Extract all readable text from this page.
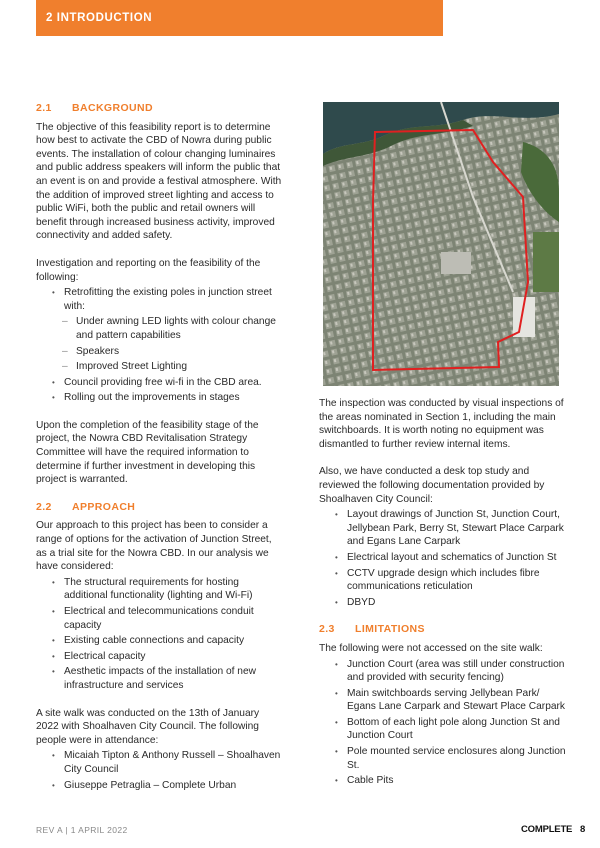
2 INTRODUCTION
2.1 BACKGROUND

The objective of this feasibility report is to determine how best to activate the CBD of Nowra during public events. The installation of colour changing luminaires and public address speakers will inform the public that an event is on and provide a festival atmosphere. With the addition of improved street lighting and access to public WiFi, both the public and retail owners will benefit through increased business activity, improved connectivity and added safety.

Investigation and reporting on the feasibility of the following:

• Retrofitting the existing poles in junction street with:
– Under awning LED lights with colour change and pattern capabilities
– Speakers
– Improved Street Lighting
• Council providing free wi-fi in the CBD area.
• Rolling out the improvements in stages

Upon the completion of the feasibility stage of the project, the Nowra CBD Revitalisation Strategy Committee will have the required information to determine if further investment in developing this project is warranted.

2.2 APPROACH

Our approach to this project has been to consider a range of options for the activation of Junction Street, as a trial site for the Nowra CBD. In our analysis we have considered:

• The structural requirements for hosting additional functionality (lighting and Wi-Fi)
• Electrical and telecommunications conduit capacity
• Existing cable connections and capacity
• Electrical capacity
• Aesthetic impacts of the installation of new infrastructure and services

A site walk was conducted on the 13th of January 2022 with Shoalhaven City Council. The following people were in attendance:

• Micaiah Tipton & Anthony Russell – Shoalhaven City Council
• Giuseppe Petraglia – Complete Urban

The inspection was conducted by visual inspections of the areas nominated in Section 1, including the main switchboards. It is worth noting no equipment was dismantled to further review internal items.

Also, we have conducted a desk top study and reviewed the following documentation provided by Shoalhaven City Council:

• Layout drawings of Junction St, Junction Court, Jellybean Park, Berry St, Stewart Place Carpark and Egans Lane Carpark
• Electrical layout and schematics of Junction St
• CCTV upgrade design which includes fibre communications reticulation
• DBYD
2.3 LIMITATIONS

The following were not accessed on the site walk:

• Junction Court (area was still under construction and provided with security fencing)
• Main switchboards serving Jellybean Park/ Egans Lane Carpark and Stewart Place Carpark
• Bottom of each light pole along Junction St and Junction Court
• Pole mounted service enclosures along Junction St.
• Cable Pits
REV A | 1 APRIL 2022	COMPLETE 8
